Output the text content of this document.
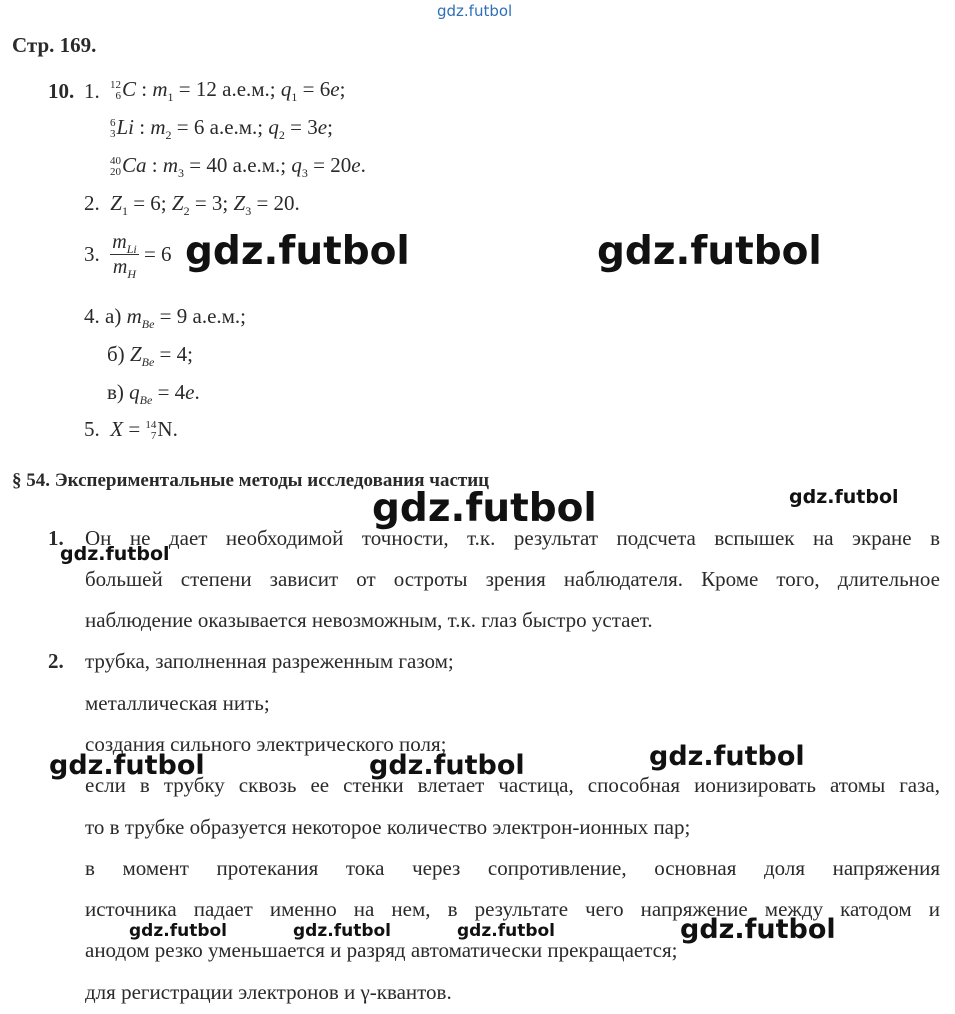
gdz.futbol
Стр. 169.
10. 1. 12
6 C : $m_1 = 12$ а.е.м.; $q_1 = 6e$;
6
3 Li : $m_2 = 6$ а.е.м.; $q_2 = 3e$;
40
20 Ca : $m_3 = 40$ а.е.м.; $q_3 = 20e$.
2. $Z_1 = 6$; $Z_2 = 3$; $Z_3 = 20$.
3. $\frac{m_{Li}}{m_H} = 6$
4. а) $m_{Be} = 9$ а.е.м.;
б) $Z_{Be} = 4$;
в) $q_{Be} = 4e$.
5. X = 14
7 N.
§ 54. Экспериментальные методы исследования частиц
1. Он не дает необходимой точности, т.к. результат подсчета вспышек на экране в
большей степени зависит от остроты зрения наблюдателя. Кроме того, длительное
наблюдение оказывается невозможным, т.к. глаз быстро устает.
2. трубка, заполненная разреженным газом;
металлическая нить;
создания сильного электрического поля;
если в трубку сквозь ее стенки влетает частица, способная ионизировать атомы газа,
то в трубке образуется некоторое количество электрон-ионных пар;
в момент протекания тока через сопротивление, основная доля напряжения
источника падает именно на нем, в результате чего напряжение между катодом и
анодом резко уменьшается и разряд автоматически прекращается;
для регистрации электронов и γ-квантов.
gdz.futbol	gdz.futbol
gdz.futbol	gdz.futbol
gdz.futbol
gdz.futbol	gdz.futbol	gdz.futbol
gdz.futbol	gdz.futbol	gdz.futbol	gdz.futbol
